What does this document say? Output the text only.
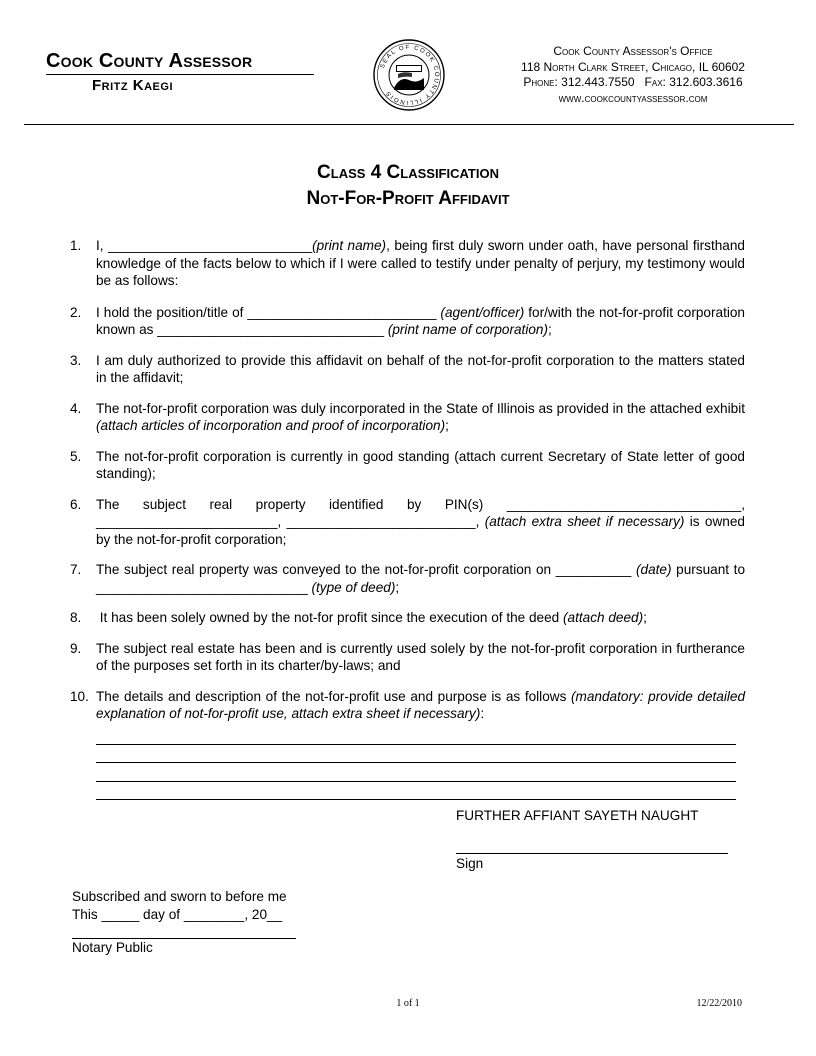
Cook County Assessor
Fritz Kaegi
SEAL OF COOK COUNTY ILLINOIS
Cook County Assessor's Office
118 North Clark Street, Chicago, IL 60602
Phone: 312.443.7550   Fax: 312.603.3616
www.cookcountyassessor.com
Class 4 Classification
Not-For-Profit Affidavit
1. I, ___________________________(print name), being first duly sworn under oath, have personal firsthand knowledge of the facts below to which if I were called to testify under penalty of perjury, my testimony would be as follows:

2. I hold the position/title of _________________________ (agent/officer) for/with the not-for-profit corporation known as ______________________________ (print name of corporation);

3. I am duly authorized to provide this affidavit on behalf of the not-for-profit corporation to the matters stated in the affidavit;

4. The not-for-profit corporation was duly incorporated in the State of Illinois as provided in the attached exhibit (attach articles of incorporation and proof of incorporation);

5. The not-for-profit corporation is currently in good standing (attach current Secretary of State letter of good standing);

6. The subject real property identified by PIN(s) _______________________________, ________________________, _________________________, (attach extra sheet if necessary) is owned by the not-for-profit corporation;

7. The subject real property was conveyed to the not-for-profit corporation on __________ (date) pursuant to ____________________________ (type of deed);

8. It has been solely owned by the not-for profit since the execution of the deed (attach deed);

9. The subject real estate has been and is currently used solely by the not-for-profit corporation in furtherance of the purposes set forth in its charter/by-laws; and

10. The details and description of the not-for-profit use and purpose is as follows (mandatory: provide detailed explanation of not-for-profit use, attach extra sheet if necessary):

FURTHER AFFIANT SAYETH NAUGHT
Sign
Subscribed and sworn to before me
This _____ day of ________, 20__
Notary Public
1 of 1	12/22/2010
